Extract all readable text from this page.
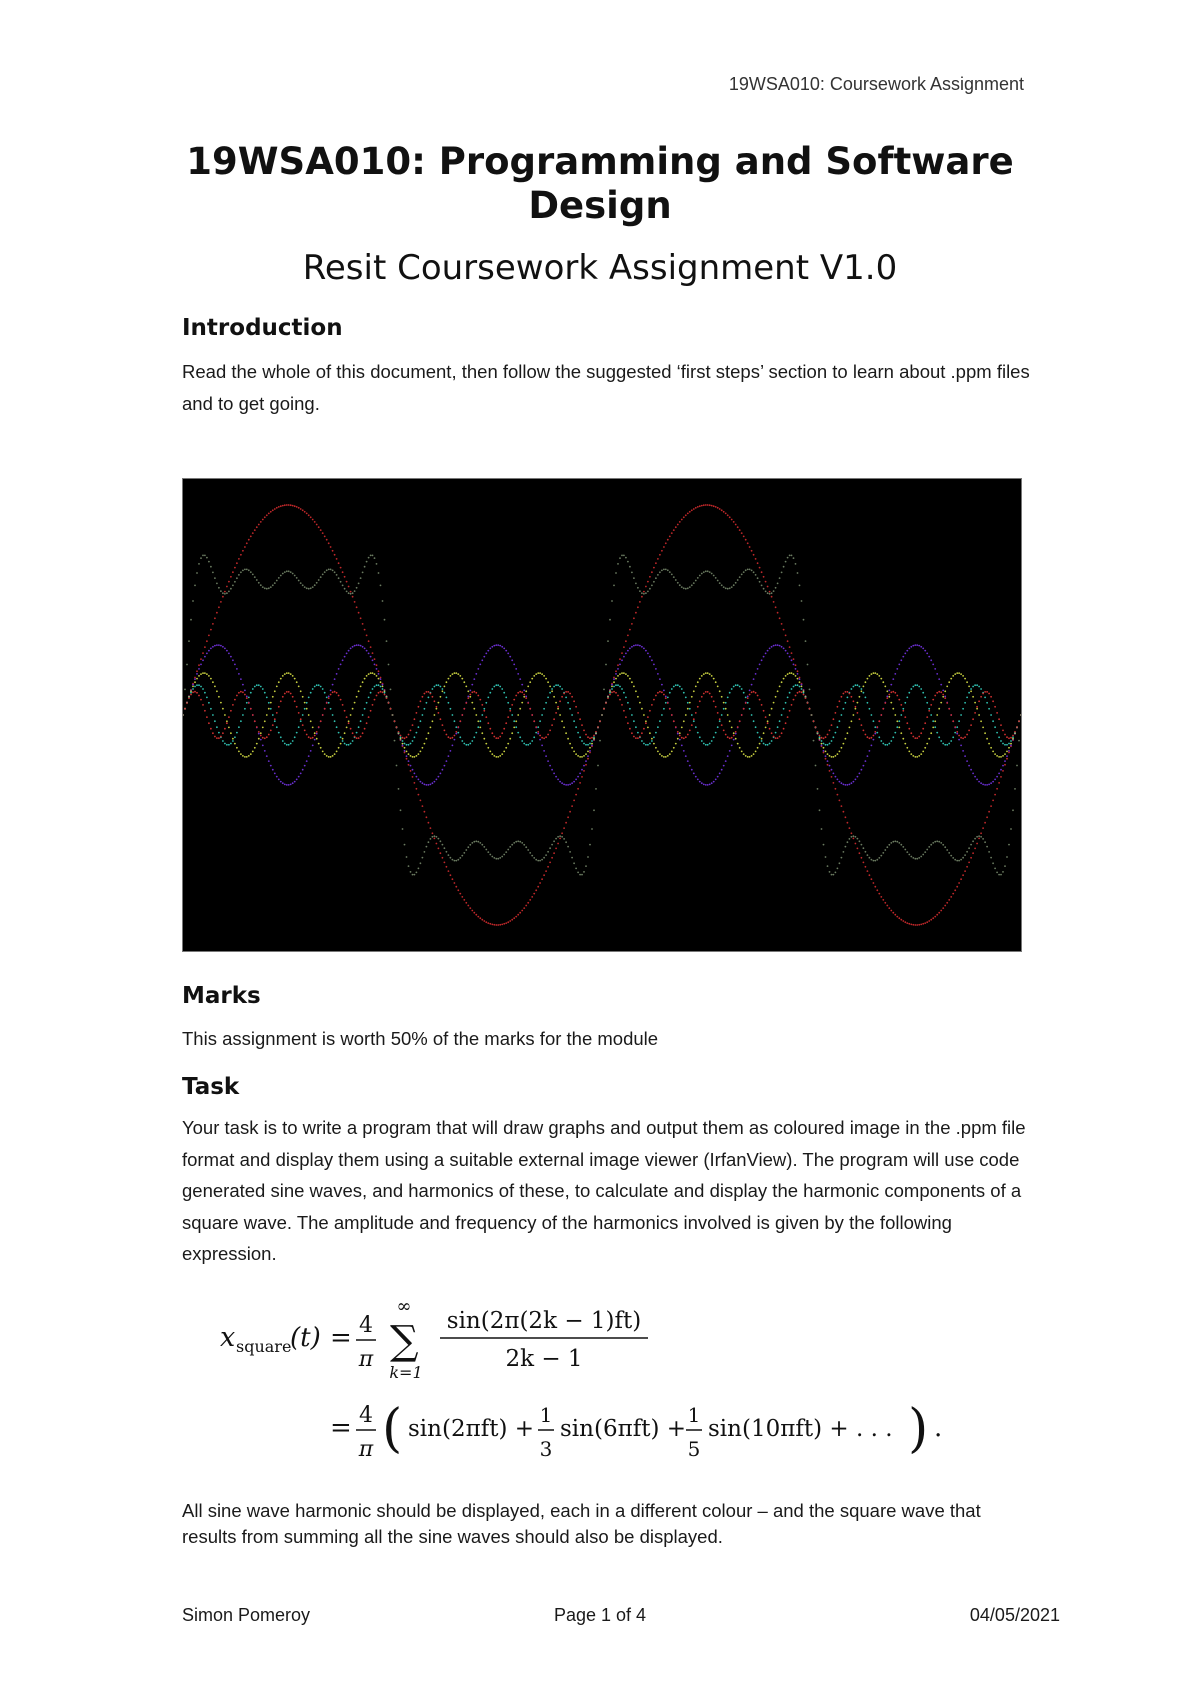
19WSA010: Coursework Assignment
19WSA010: Programming and Software Design
Resit Coursework Assignment V1.0
Introduction
Read the whole of this document, then follow the suggested ‘first steps’ section to learn about .ppm files and to get going.
Marks
This assignment is worth 50% of the marks for the module
Task
Your task is to write a program that will draw graphs and output them as coloured image in the .ppm file format and display them using a suitable external image viewer (IrfanView). The program will use code generated sine waves, and harmonics of these, to calculate and display the harmonic components of a square wave. The amplitude and frequency of the harmonics involved is given by the following expression.
x square
(t) = 4
π ∑
∞
k=1
sin(2π(2k − 1)ft)
2k − 1
= 4
π ( sin(2πft) +
1
3
sin(6πft) +
1
5
sin(10πft) + . . . ) .
All sine wave harmonic should be displayed, each in a different colour – and the square wave that results from summing all the sine waves should also be displayed.
Simon Pomeroy	Page 1 of 4	04/05/2021
